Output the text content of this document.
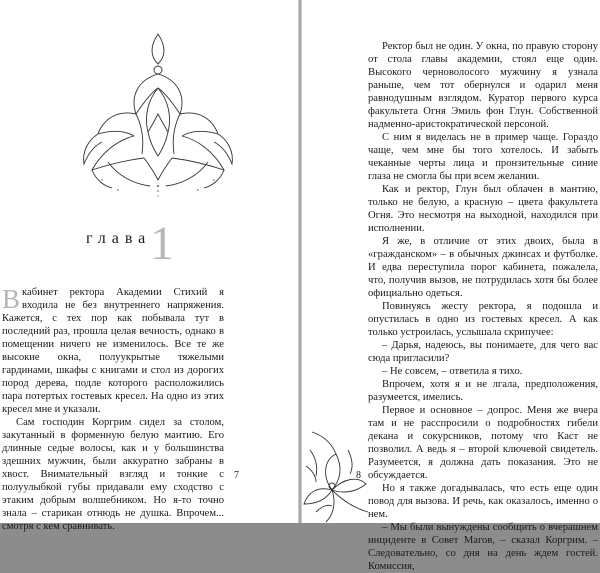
глава
1

В кабинет ректора Академии Стихий я входила не без внутреннего напряжения. Кажется, с тех пор как побывала тут в последний раз, прошла целая вечность, однако в помещении ничего не изменилось. Все те же высокие окна, полуукрытые тяжелыми гардинами, шкафы с книгами и стол из дорогих пород дерева, подле которого расположились пара потертых гостевых кресел. На одно из этих кресел мне и указали.

Сам господин Коргрим сидел за столом, закутанный в форменную белую мантию. Его длинные седые волосы, как и у большинства здешних мужчин, были аккуратно забраны в хвост. Внимательный взгляд и тонкие с полуулыбкой губы придавали ему сходство с этаким добрым волшебником. Но я-то точно знала – старикан отнюдь не душка. Впрочем... смотря с кем сравнивать.

7

Ректор был не один. У окна, по правую сторону от стола главы академии, стоял еще один. Высокого черноволосого мужчину я узнала раньше, чем тот обернулся и одарил меня равнодушным взглядом. Куратор первого курса факультета Огня Эмиль фон Глун. Собственной надменно-аристократической персоной.

С ним я виделась не в пример чаще. Гораздо чаще, чем мне бы того хотелось. И забыть чеканные черты лица и пронзительные синие глаза не смогла бы при всем желании.

Как и ректор, Глун был облачен в мантию, только не белую, а красную – цвета факультета Огня. Это несмотря на выходной, находился при исполнении.

Я же, в отличие от этих двоих, была в «гражданском» – в обычных джинсах и футболке. И едва переступила порог кабинета, пожалела, что, получив вызов, не потрудилась хотя бы более официально одеться.

Повинуясь жесту ректора, я подошла и опустилась в одно из гостевых кресел. А как только устроилась, услышала скрипучее:

– Дарья, надеюсь, вы понимаете, для чего вас сюда пригласили?

– Не совсем, – ответила я тихо.

Впрочем, хотя я и не лгала, предположения, разумеется, имелись.

Первое и основное – допрос. Меня же вчера там и не расспросили о подробностях гибели декана и сокурсников, потому что Каст не позволил. А ведь я – второй ключевой свидетель. Разумеется, я должна дать показания. Это не обсуждается.

Но я также догадывалась, что есть еще один повод для вызова. И речь, как оказалось, именно о нем.

– Мы были вынуждены сообщить о вчерашнем инциденте в Совет Магов, – сказал Коргрим. – Следовательно, со дня на день ждем гостей. Комиссия,

8
